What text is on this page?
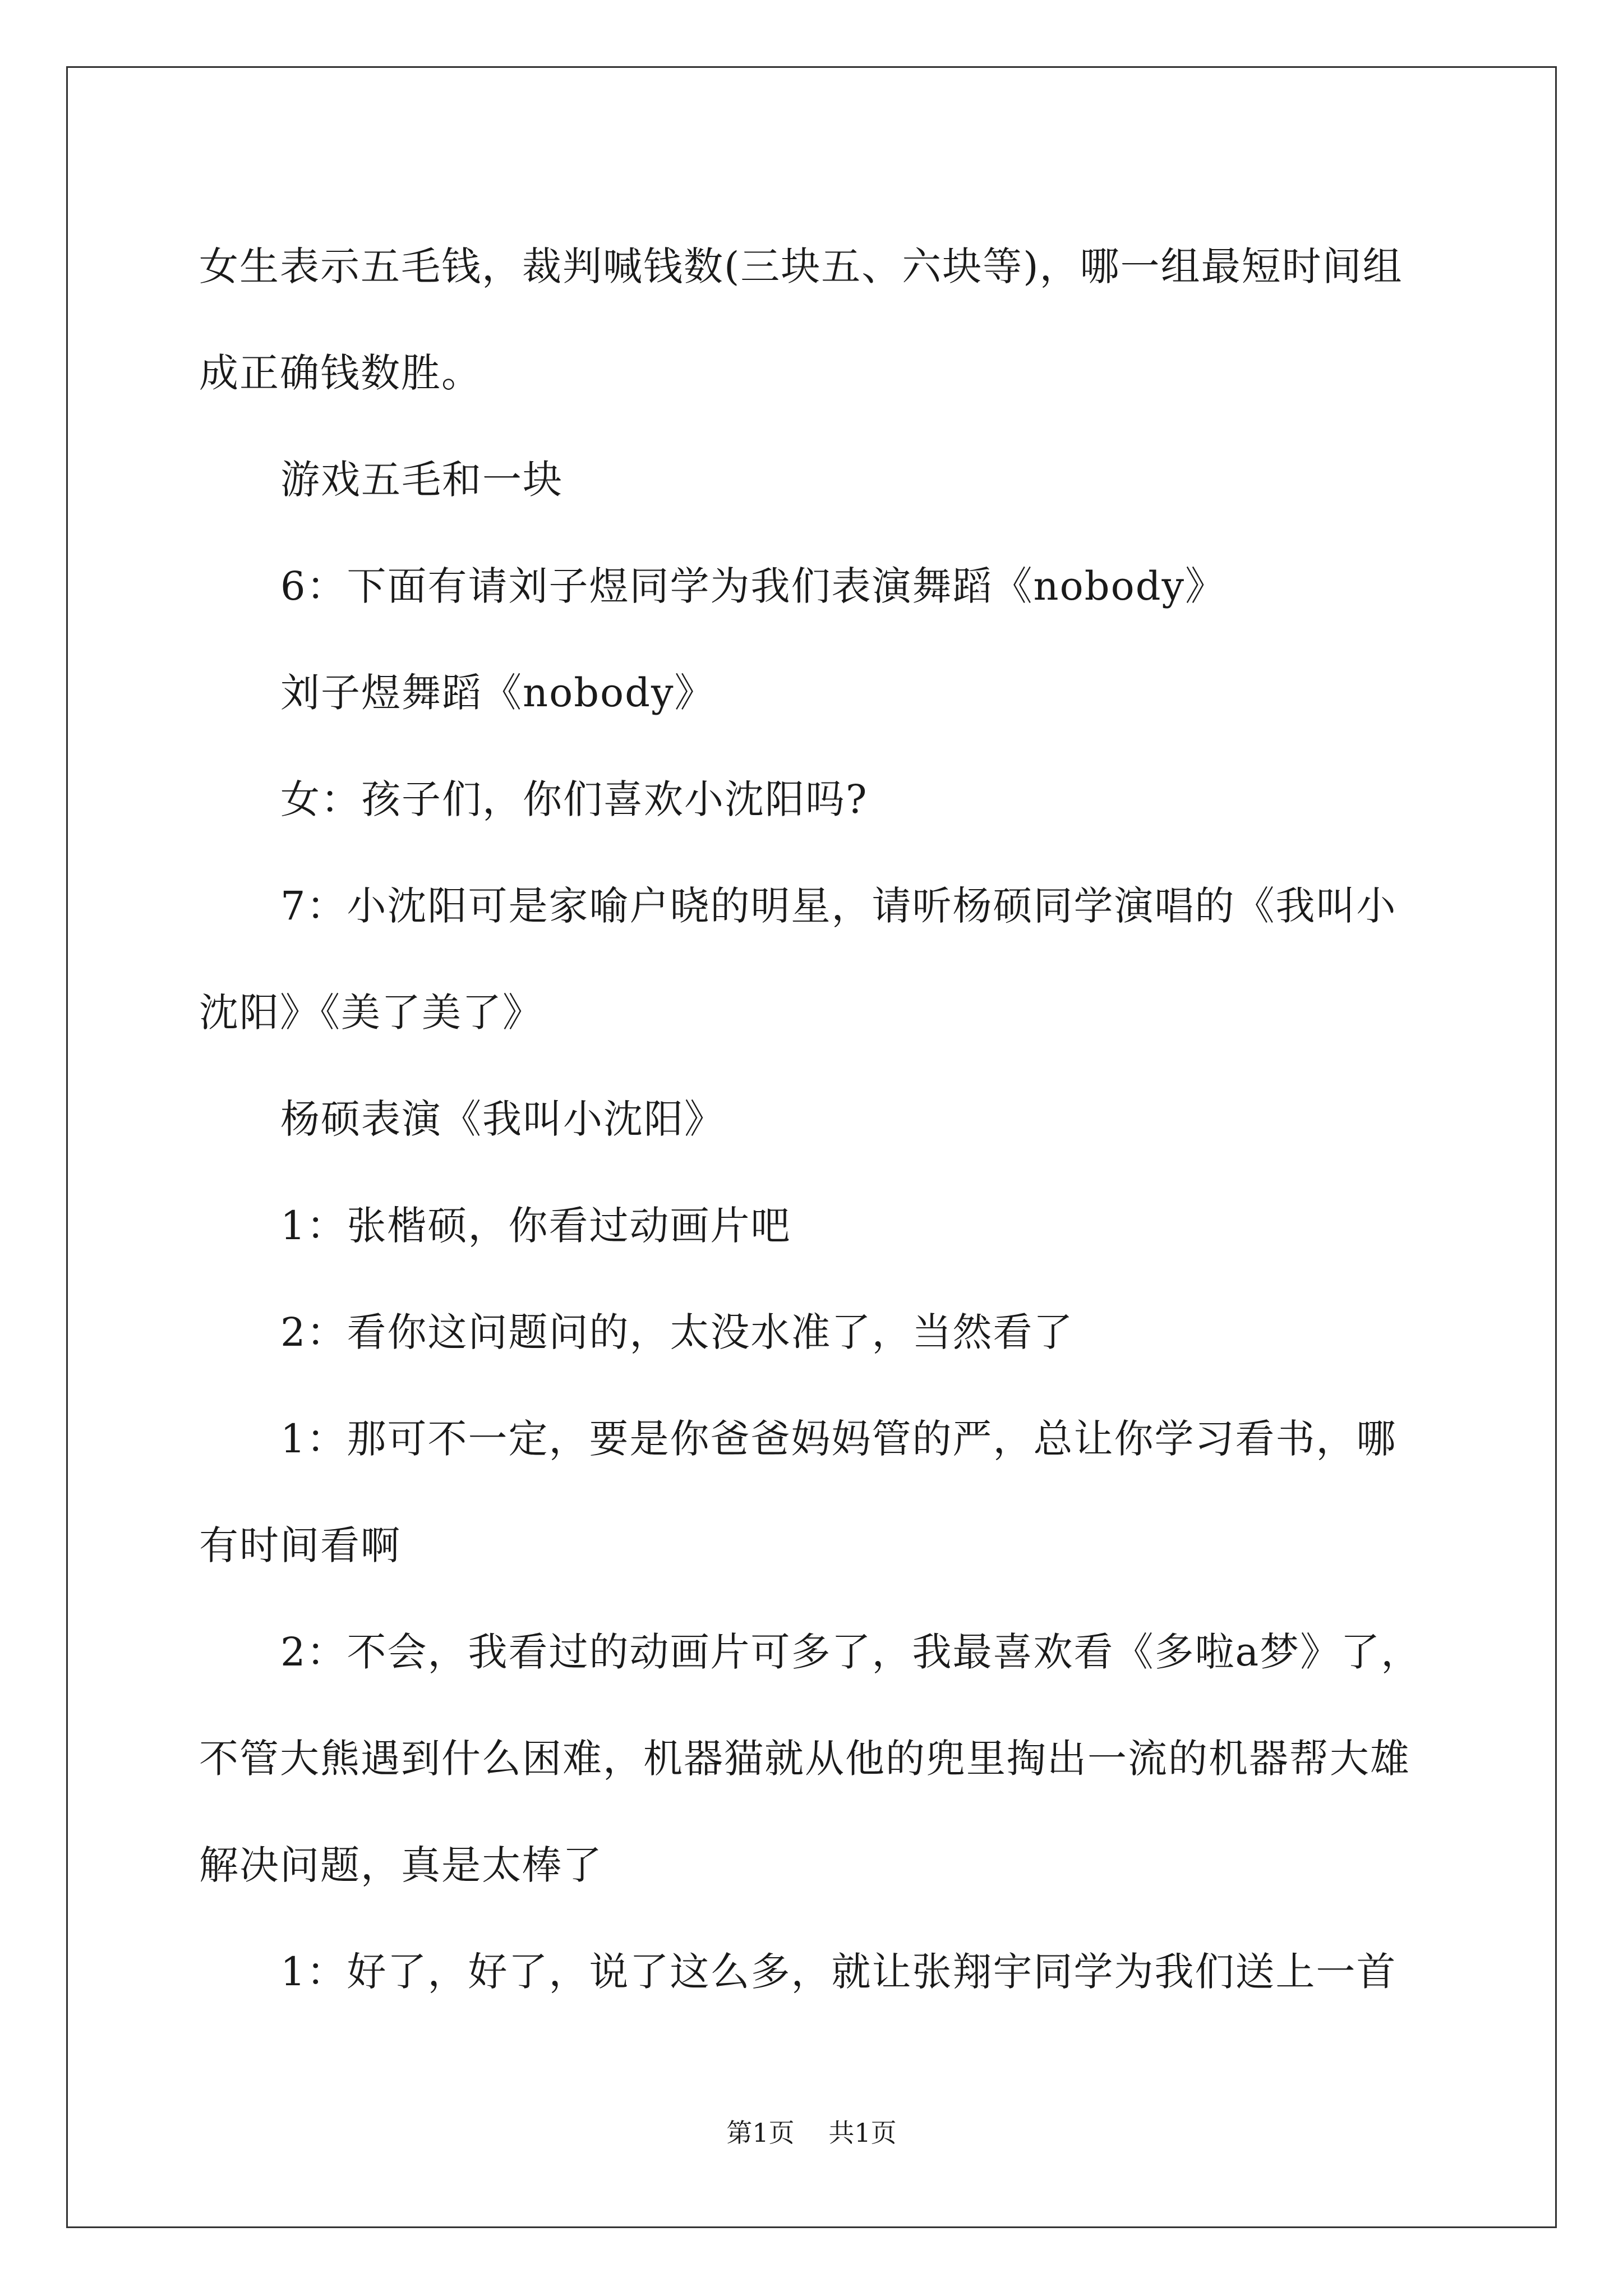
女生表示五毛钱，裁判喊钱数(三块五、六块等)，哪一组最短时间组成正确钱数胜。

游戏五毛和一块

6：下面有请刘子煜同学为我们表演舞蹈《nobody》

刘子煜舞蹈《nobody》

女：孩子们，你们喜欢小沈阳吗?

7：小沈阳可是家喻户晓的明星，请听杨硕同学演唱的《我叫小沈阳》《美了美了》

杨硕表演《我叫小沈阳》

1：张楷硕，你看过动画片吧

2：看你这问题问的，太没水准了，当然看了

1：那可不一定，要是你爸爸妈妈管的严，总让你学习看书，哪有时间看啊

2：不会，我看过的动画片可多了，我最喜欢看《多啦a梦》了，不管大熊遇到什么困难，机器猫就从他的兜里掏出一流的机器帮大雄解决问题，真是太棒了

1：好了，好了，说了这么多，就让张翔宇同学为我们送上一首

第1页 共1页
